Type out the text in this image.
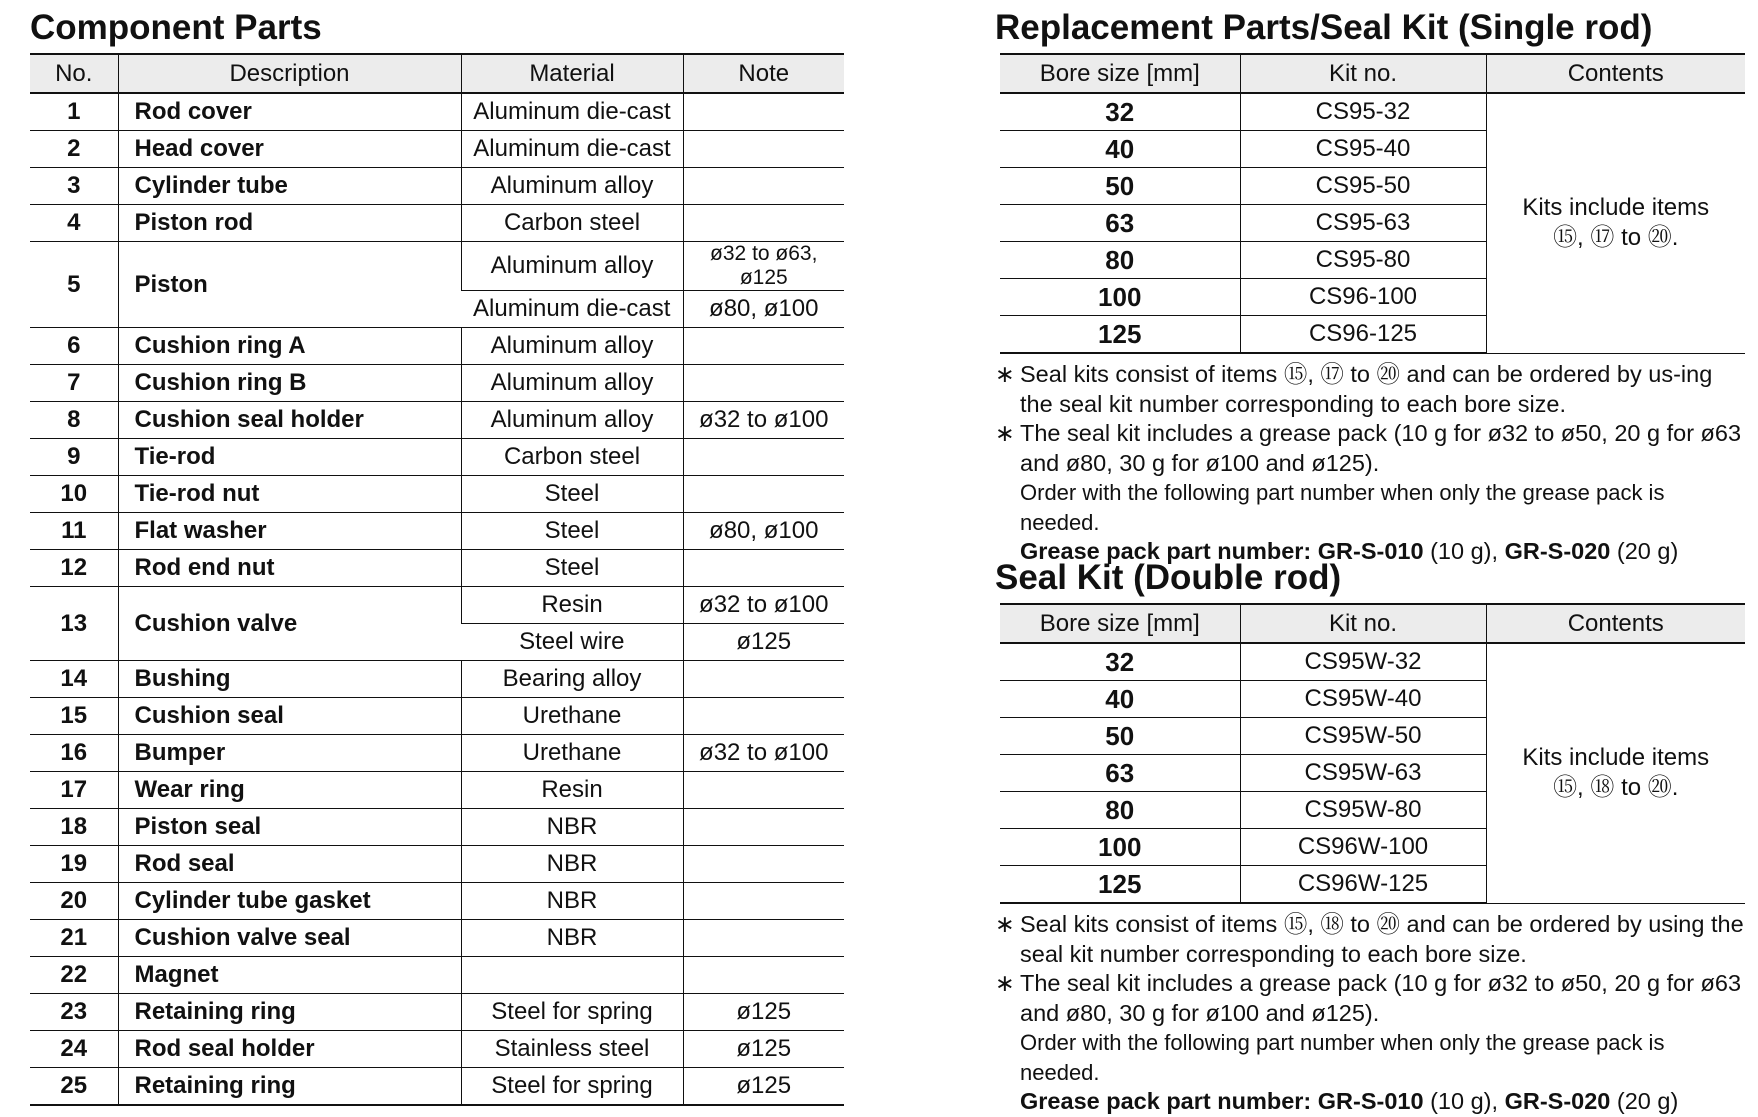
Component Parts
No.	Description	Material	Note
1	Rod cover	Aluminum die-cast	
2	Head cover	Aluminum die-cast	
3	Cylinder tube	Aluminum alloy	
4	Piston rod	Carbon steel	
5	Piston	Aluminum alloy	ø32 to ø63, ø125
		Aluminum die-cast	ø80, ø100
6	Cushion ring A	Aluminum alloy	
7	Cushion ring B	Aluminum alloy	
8	Cushion seal holder	Aluminum alloy	ø32 to ø100
9	Tie-rod	Carbon steel	
10	Tie-rod nut	Steel	
11	Flat washer	Steel	ø80, ø100
12	Rod end nut	Steel	
13	Cushion valve	Resin	ø32 to ø100
		Steel wire	ø125
14	Bushing	Bearing alloy	
15	Cushion seal	Urethane	
16	Bumper	Urethane	ø32 to ø100
17	Wear ring	Resin	
18	Piston seal	NBR	
19	Rod seal	NBR	
20	Cylinder tube gasket	NBR	
21	Cushion valve seal	NBR	
22	Magnet		
23	Retaining ring	Steel for spring	ø125
24	Rod seal holder	Stainless steel	ø125
25	Retaining ring	Steel for spring	ø125
Replacement Parts/Seal Kit (Single rod)
Bore size [mm]	Kit no.	Contents
32	CS95-32	Kits include items
⑮, ⑰ to ⑳.

40	CS95-40	
50	CS95-50	
63	CS95-63	
80	CS95-80	
100	CS96-100	
125	CS96-125	
∗ Seal kits consist of items ⑮, ⑰ to ⑳ and can be ordered by us-ing the seal kit number corresponding to each bore size.
∗ The seal kit includes a grease pack (10 g for ø32 to ø50, 20 g for ø63 and ø80, 30 g for ø100 and ø125).
Order with the following part number when only the grease pack is needed.
Grease pack part number: GR-S-010 (10 g), GR-S-020 (20 g)
Seal Kit (Double rod)
Bore size [mm]	Kit no.	Contents
32	CS95W-32	Kits include items
⑮, ⑱ to ⑳.

40	CS95W-40	
50	CS95W-50	
63	CS95W-63	
80	CS95W-80	
100	CS96W-100	
125	CS96W-125	
∗ Seal kits consist of items ⑮, ⑱ to ⑳ and can be ordered by using the seal kit number corresponding to each bore size.
∗ The seal kit includes a grease pack (10 g for ø32 to ø50, 20 g for ø63 and ø80, 30 g for ø100 and ø125).
Order with the following part number when only the grease pack is needed.
Grease pack part number: GR-S-010 (10 g), GR-S-020 (20 g)
